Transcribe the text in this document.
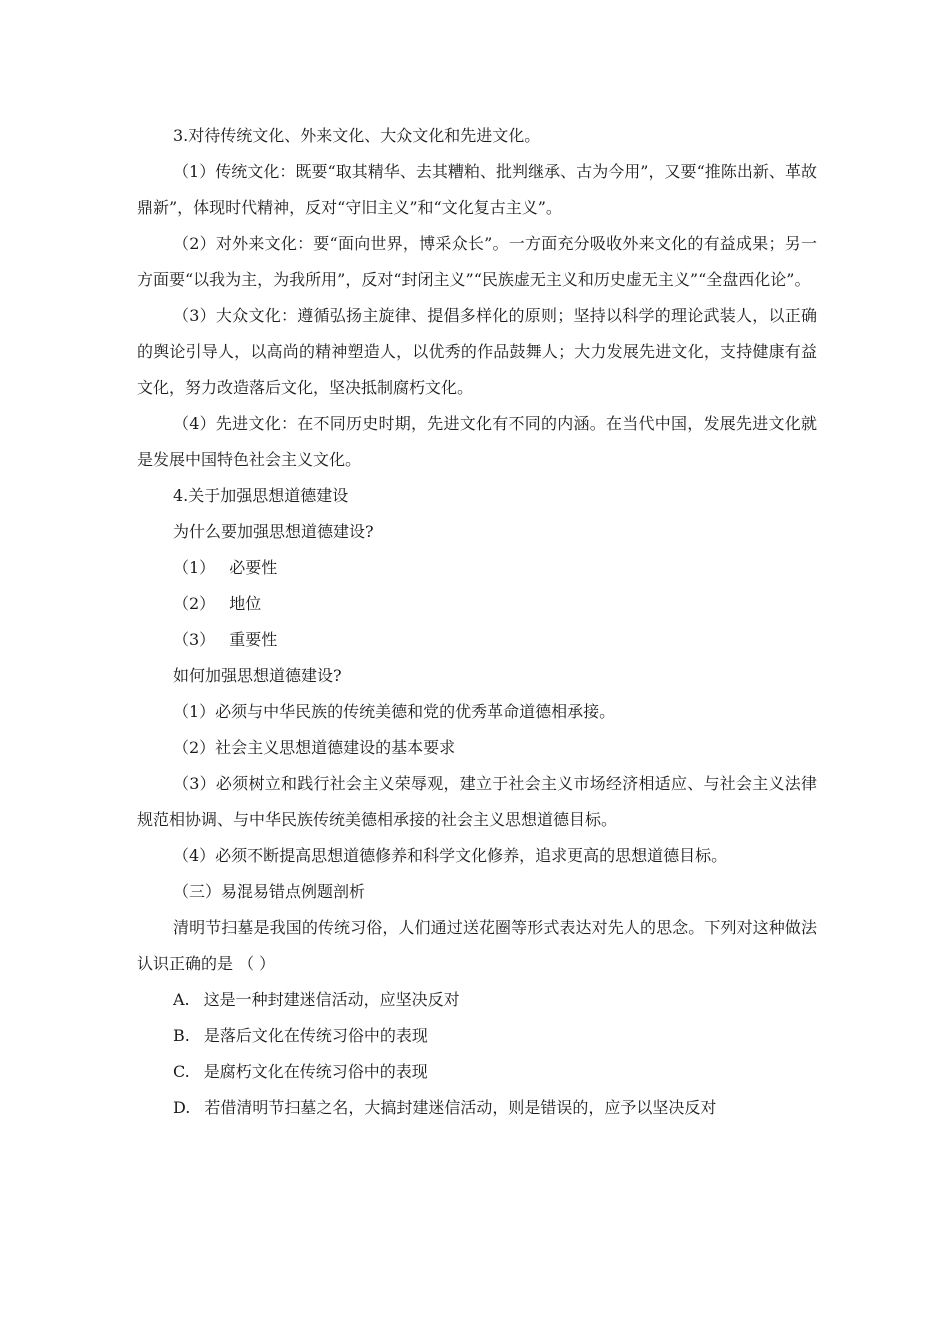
3.对待传统文化、外来文化、大众文化和先进文化。

（1）传统文化：既要“取其精华、去其糟粕、批判继承、古为今用”，又要“推陈出新、革故鼎新”，体现时代精神，反对“守旧主义”和“文化复古主义”。

（2）对外来文化：要“面向世界，博采众长”。一方面充分吸收外来文化的有益成果；另一方面要“以我为主，为我所用”，反对“封闭主义”“民族虚无主义和历史虚无主义”“全盘西化论”。

（3）大众文化：遵循弘扬主旋律、提倡多样化的原则；坚持以科学的理论武装人，以正确的舆论引导人，以高尚的精神塑造人，以优秀的作品鼓舞人；大力发展先进文化，支持健康有益文化，努力改造落后文化，坚决抵制腐朽文化。

（4）先进文化：在不同历史时期，先进文化有不同的内涵。在当代中国，发展先进文化就是发展中国特色社会主义文化。

4.关于加强思想道德建设

为什么要加强思想道德建设?

（1） 必要性

（2） 地位

（3） 重要性

如何加强思想道德建设?

（1）必须与中华民族的传统美德和党的优秀革命道德相承接。

（2）社会主义思想道德建设的基本要求

（3）必须树立和践行社会主义荣辱观，建立于社会主义市场经济相适应、与社会主义法律规范相协调、与中华民族传统美德相承接的社会主义思想道德目标。

（4）必须不断提高思想道德修养和科学文化修养，追求更高的思想道德目标。

（三）易混易错点例题剖析

清明节扫墓是我国的传统习俗，人们通过送花圈等形式表达对先人的思念。下列对这种做法认识正确的是 （ ）

A. 这是一种封建迷信活动，应坚决反对

B. 是落后文化在传统习俗中的表现

C. 是腐朽文化在传统习俗中的表现

D. 若借清明节扫墓之名，大搞封建迷信活动，则是错误的，应予以坚决反对
